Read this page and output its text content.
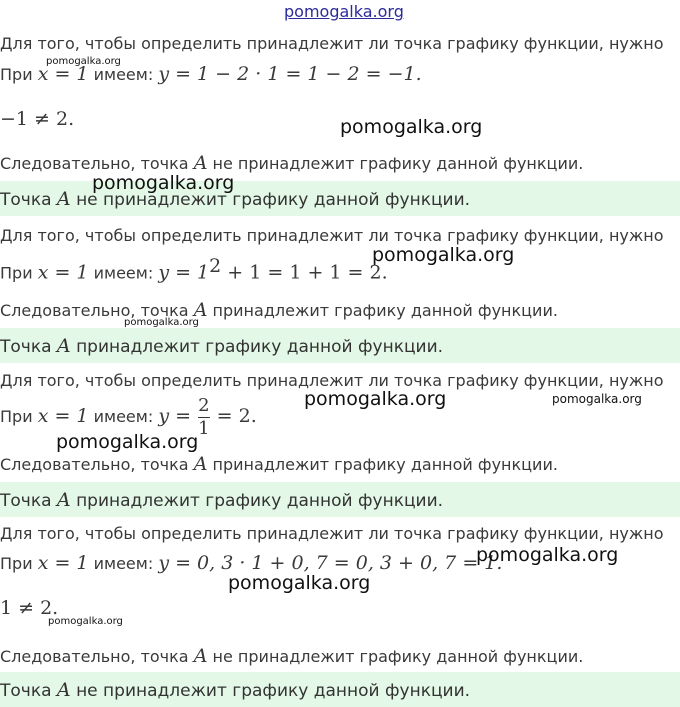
pomogalka.org
Для того, чтобы определить принадлежит ли точка графику функции, нужно
При x = 1 имеем: y = 1 − 2 · 1 = 1 − 2 = −1.
−1 ≠ 2.
Следовательно, точка A не принадлежит графику данной функции.
Точка A не принадлежит графику данной функции.
Для того, чтобы определить принадлежит ли точка графику функции, нужно
При x = 1 имеем: $y = 1^2 + 1 = 1 + 1 = 2$.
Следовательно, точка A принадлежит графику данной функции.
Точка A принадлежит графику данной функции.
Для того, чтобы определить принадлежит ли точка графику функции, нужно
При x = 1 имеем: $y = \frac{2}{1} = 2$.
Следовательно, точка A принадлежит графику данной функции.
Точка A принадлежит графику данной функции.
Для того, чтобы определить принадлежит ли точка графику функции, нужно
При x = 1 имеем: y = 0, 3 · 1 + 0, 7 = 0, 3 + 0, 7 = 1.
1 ≠ 2.
Следовательно, точка A не принадлежит графику данной функции.
Точка A не принадлежит графику данной функции.
pomogalka.org
pomogalka.org
pomogalka.org
pomogalka.org
pomogalka.org
pomogalka.org	pomogalka.org
pomogalka.org
pomogalka.org
pomogalka.org
pomogalka.org
